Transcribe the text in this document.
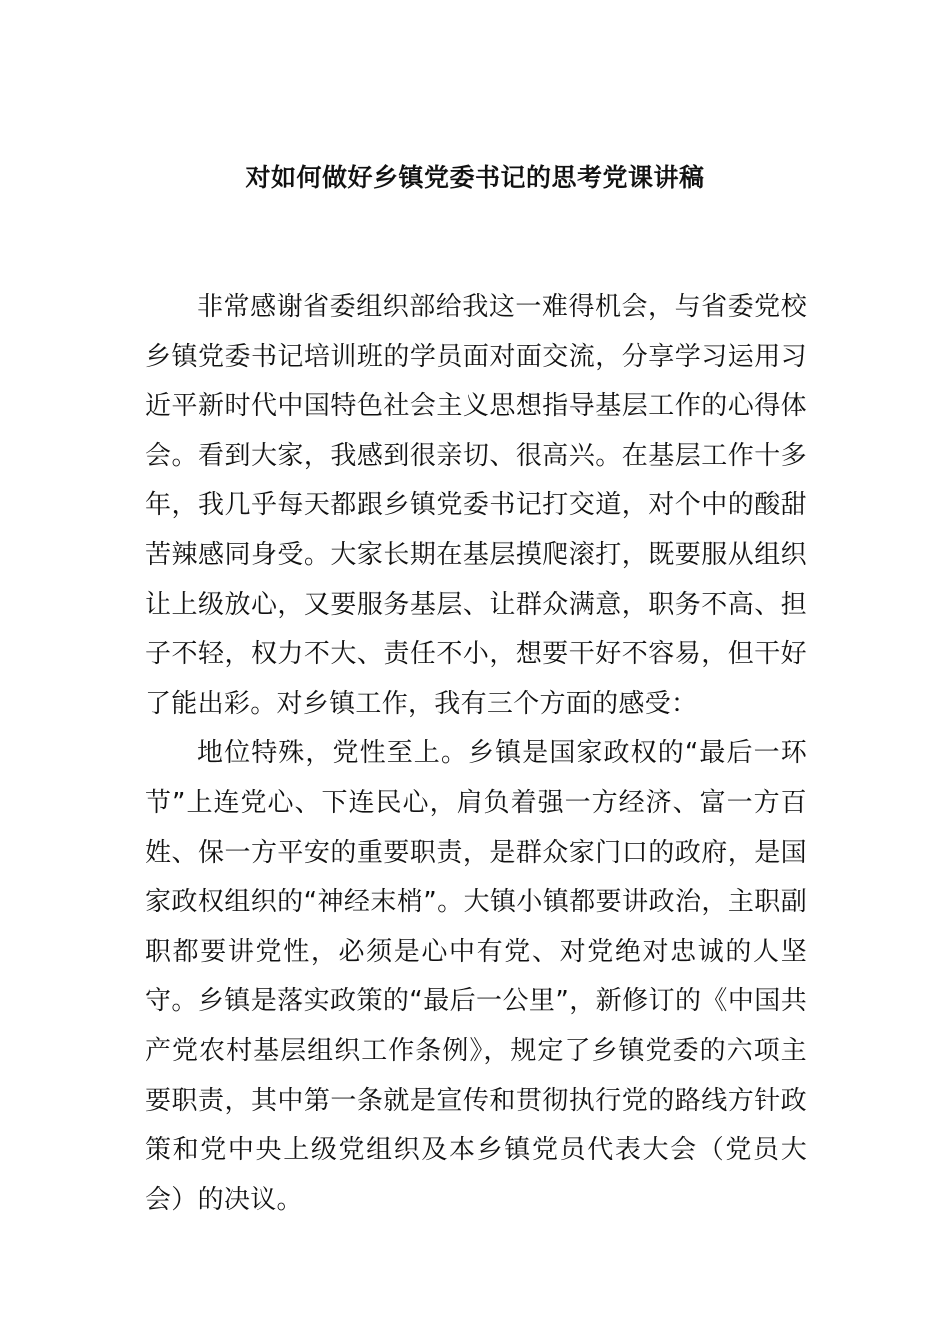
对如何做好乡镇党委书记的思考党课讲稿

非常感谢省委组织部给我这一难得机会，与省委党校乡镇党委书记培训班的学员面对面交流，分享学习运用习近平新时代中国特色社会主义思想指导基层工作的心得体会。看到大家，我感到很亲切、很高兴。在基层工作十多年，我几乎每天都跟乡镇党委书记打交道，对个中的酸甜苦辣感同身受。大家长期在基层摸爬滚打，既要服从组织让上级放心，又要服务基层、让群众满意，职务不高、担子不轻，权力不大、责任不小，想要干好不容易，但干好了能出彩。对乡镇工作，我有三个方面的感受：

地位特殊，党性至上。乡镇是国家政权的“最后一环节”上连党心、下连民心，肩负着强一方经济、富一方百姓、保一方平安的重要职责，是群众家门口的政府，是国家政权组织的“神经末梢”。大镇小镇都要讲政治，主职副职都要讲党性，必须是心中有党、对党绝对忠诚的人坚守。乡镇是落实政策的“最后一公里”，新修订的《中国共产党农村基层组织工作条例》，规定了乡镇党委的六项主要职责，其中第一条就是宣传和贯彻执行党的路线方针政策和党中央上级党组织及本乡镇党员代表大会（党员大会）的决议。
